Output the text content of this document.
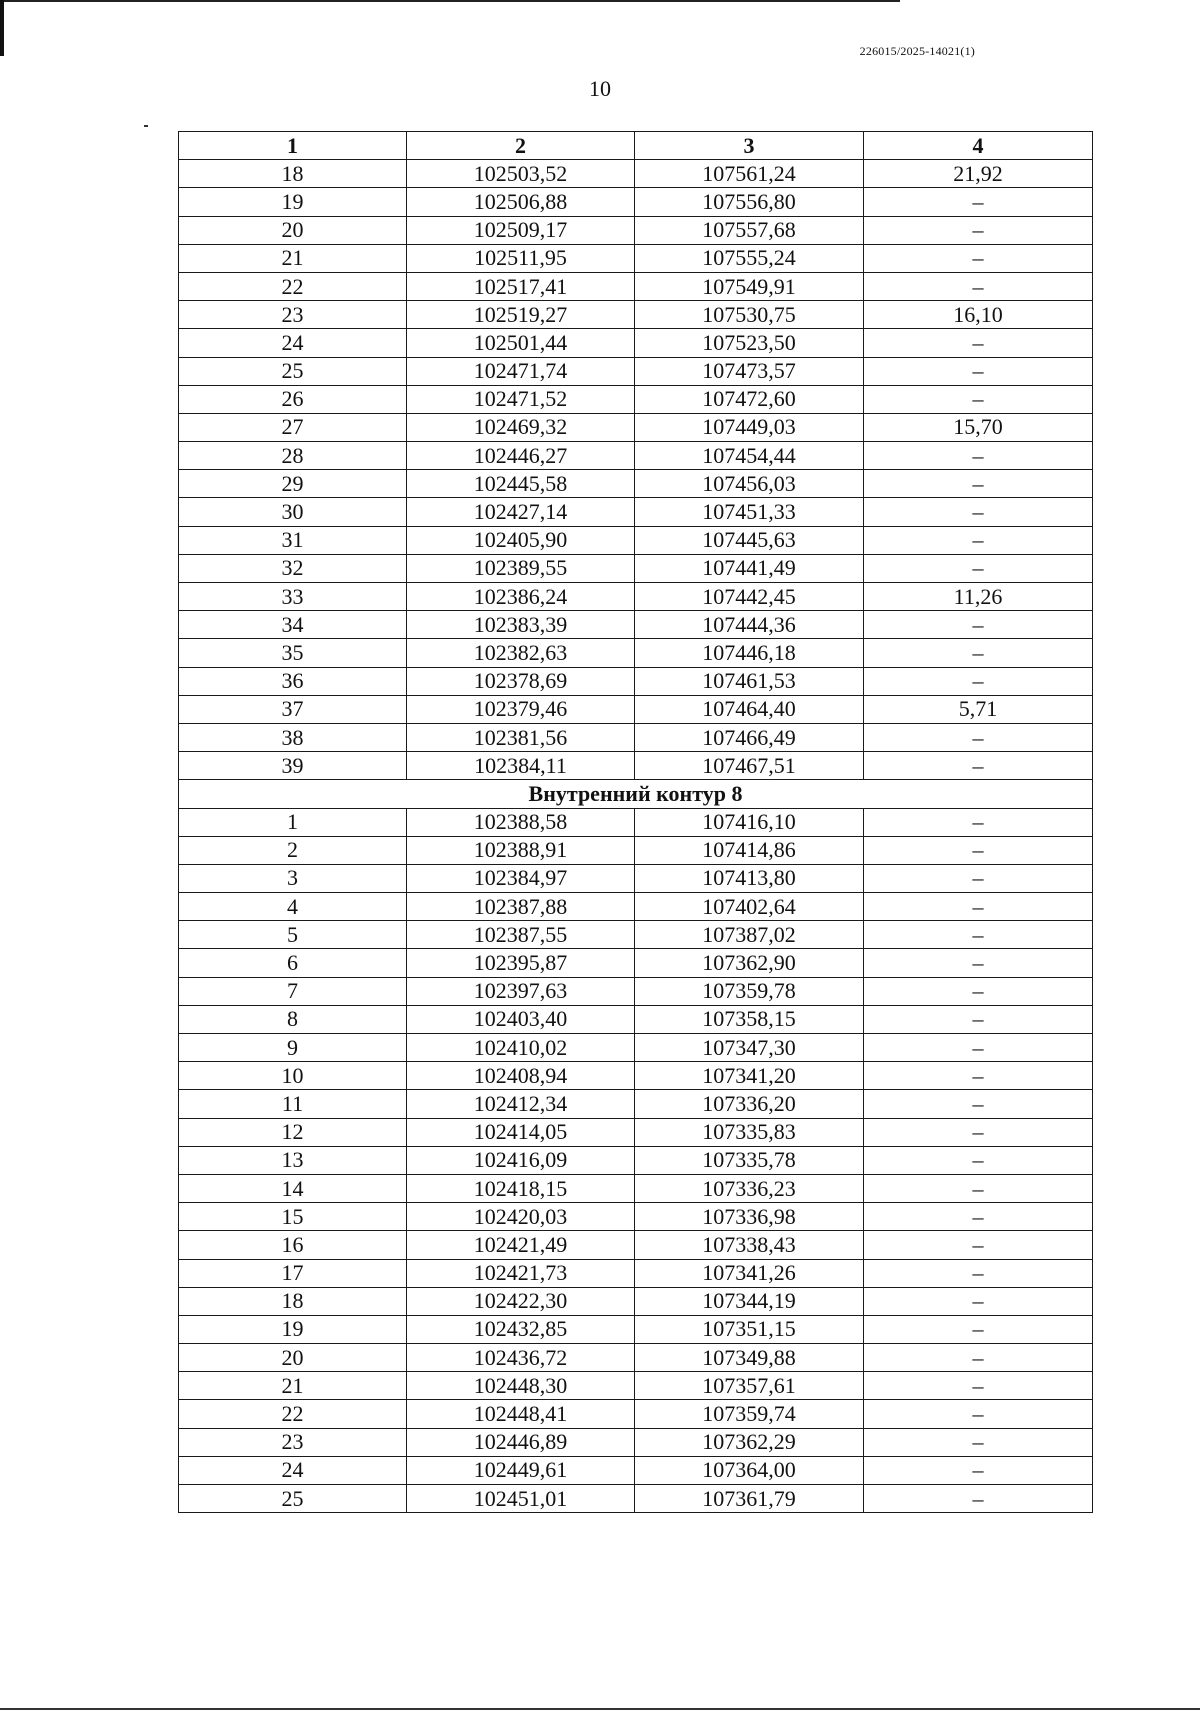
226015/2025-14021(1)
10
1	2	3	4
18	102503,52	107561,24	21,92
19	102506,88	107556,80	–
20	102509,17	107557,68	–
21	102511,95	107555,24	–
22	102517,41	107549,91	–
23	102519,27	107530,75	16,10
24	102501,44	107523,50	–
25	102471,74	107473,57	–
26	102471,52	107472,60	–
27	102469,32	107449,03	15,70
28	102446,27	107454,44	–
29	102445,58	107456,03	–
30	102427,14	107451,33	–
31	102405,90	107445,63	–
32	102389,55	107441,49	–
33	102386,24	107442,45	11,26
34	102383,39	107444,36	–
35	102382,63	107446,18	–
36	102378,69	107461,53	–
37	102379,46	107464,40	5,71
38	102381,56	107466,49	–
39	102384,11	107467,51	–
Внутренний контур 8			
1	102388,58	107416,10	–
2	102388,91	107414,86	–
3	102384,97	107413,80	–
4	102387,88	107402,64	–
5	102387,55	107387,02	–
6	102395,87	107362,90	–
7	102397,63	107359,78	–
8	102403,40	107358,15	–
9	102410,02	107347,30	–
10	102408,94	107341,20	–
11	102412,34	107336,20	–
12	102414,05	107335,83	–
13	102416,09	107335,78	–
14	102418,15	107336,23	–
15	102420,03	107336,98	–
16	102421,49	107338,43	–
17	102421,73	107341,26	–
18	102422,30	107344,19	–
19	102432,85	107351,15	–
20	102436,72	107349,88	–
21	102448,30	107357,61	–
22	102448,41	107359,74	–
23	102446,89	107362,29	–
24	102449,61	107364,00	–
25	102451,01	107361,79	–
